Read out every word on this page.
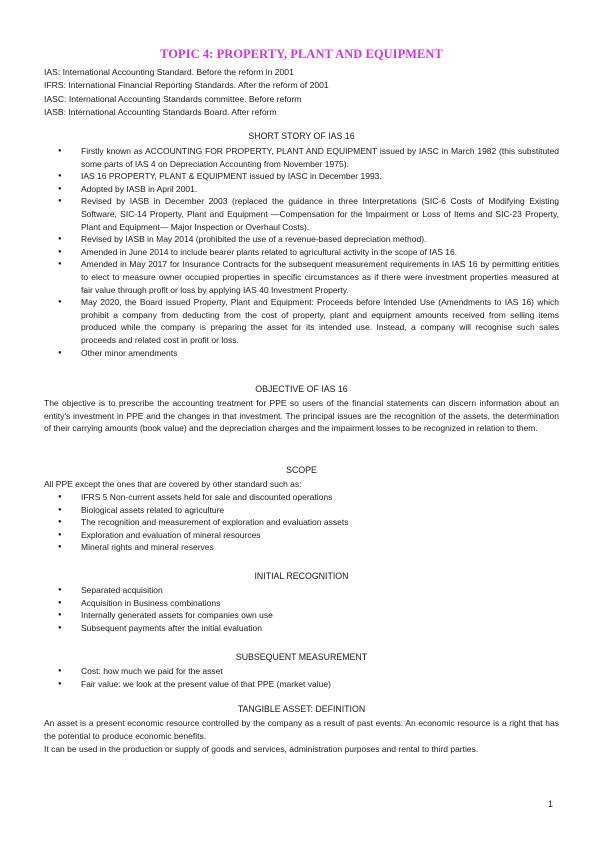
TOPIC 4: PROPERTY, PLANT AND EQUIPMENT
IAS: International Accounting Standard. Before the reform in 2001
IFRS: International Financial Reporting Standards. After the reform of 2001
IASC: International Accounting Standards committee. Before reform
IASB: International Accounting Standards Board. After reform
SHORT STORY OF IAS 16
● Firstly known as ACCOUNTING FOR PROPERTY, PLANT AND EQUIPMENT issued by IASC in March 1982 (this substituted some parts of IAS 4 on Depreciation Accounting from November 1975).
● IAS 16 PROPERTY, PLANT & EQUIPMENT issued by IASC in December 1993.
● Adopted by IASB in April 2001.
● Revised by IASB in December 2003 (replaced the guidance in three Interpretations (SIC-6 Costs of Modifying Existing Software, SIC-14 Property, Plant and Equipment —Compensation for the Impairment or Loss of Items and SIC-23 Property, Plant and Equipment— Major Inspection or Overhaul Costs).
● Revised by IASB in May 2014 (prohibited the use of a revenue-based depreciation method).
● Amended in June 2014 to include bearer plants related to agricultural activity in the scope of IAS 16.
● Amended in May 2017 for Insurance Contracts for the subsequent measurement requirements in IAS 16 by permitting entities to elect to measure owner occupied properties in specific circumstances as if there were investment properties measured at fair value through profit or loss by applying IAS 40 Investment Property.
● May 2020, the Board issued Property, Plant and Equipment: Proceeds before Intended Use (Amendments to IAS 16) which prohibit a company from deducting from the cost of property, plant and equipment amounts received from selling items produced while the company is preparing the asset for its intended use. Instead, a company will recognise such sales proceeds and related cost in profit or loss.
● Other minor amendments
OBJECTIVE OF IAS 16

The objective is to prescribe the accounting treatment for PPE so users of the financial statements can discern information about an entity's investment in PPE and the changes in that investment. The principal issues are the recognition of the assets, the determination of their carrying amounts (book value) and the depreciation charges and the impairment losses to be recognized in relation to them.

SCOPE

All PPE except the ones that are covered by other standard such as:

● IFRS 5 Non-current assets held for sale and discounted operations
● Biological assets related to agriculture
● The recognition and measurement of exploration and evaluation assets
● Exploration and evaluation of mineral resources
● Mineral rights and mineral reserves
INITIAL RECOGNITION
● Separated acquisition
● Acquisition in Business combinations
● Internally generated assets for companies own use
● Subsequent payments after the initial evaluation
SUBSEQUENT MEASUREMENT
● Cost: how much we paid for the asset
● Fair value: we look at the present value of that PPE (market value)
TANGIBLE ASSET: DEFINITION

An asset is a present economic resource controlled by the company as a result of past events. An economic resource is a right that has the potential to produce economic benefits.

It can be used in the production or supply of goods and services, administration purposes and rental to third parties.

1
